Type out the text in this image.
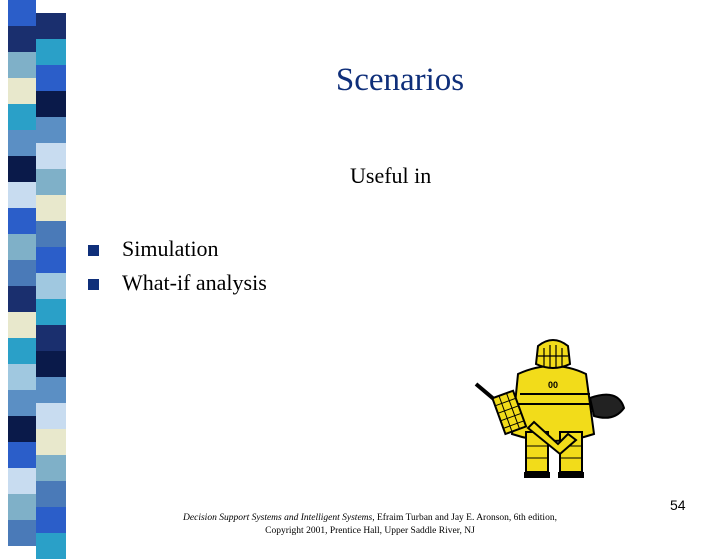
Scenarios
Useful in
Simulation
What-if analysis
00
54
Decision Support Systems and Intelligent Systems, Efraim Turban and Jay E. Aronson, 6th edition,
Copyright 2001, Prentice Hall, Upper Saddle River, NJ
